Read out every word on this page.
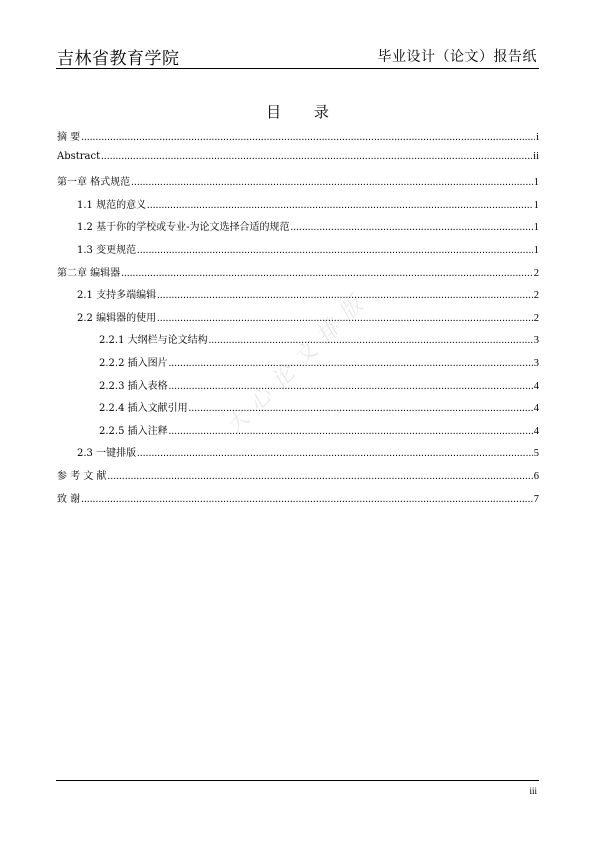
吉林省教育学院	毕业设计（论文）报告纸
目 录
摘 要 .....	i
Abstract .....	ii
第一章 格式规范 .....	1
1.1 规范的意义 .....	1
1.2 基于你的学校或专业-为论文选择合适的规范 .....	1
1.3 变更规范 .....	1
第二章 编辑器 .....	2
2.1 支持多端编辑 .....	2
2.2 编辑器的使用 .....	2
2.2.1 大纲栏与论文结构 .....	3
2.2.2 插入图片 .....	3
2.2.3 插入表格 .....	4
2.2.4 插入文献引用 .....	4
2.2.5 插入注释 .....	4
2.3 一键排版 .....	5
参 考 文 献 .....	6
致 谢 .....	7
大心论文排版
iii
